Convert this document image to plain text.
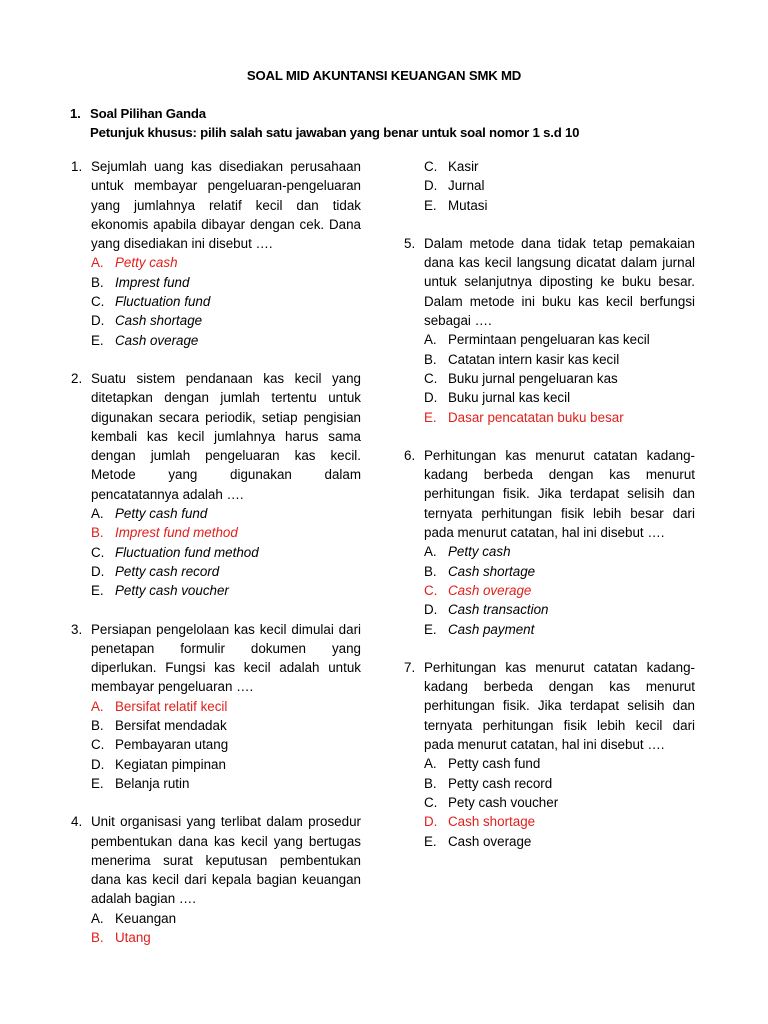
SOAL MID AKUNTANSI KEUANGAN SMK MD
1. Soal Pilihan Ganda
Petunjuk khusus: pilih salah satu jawaban yang benar untuk soal nomor 1 s.d 10
1. Sejumlah uang kas disediakan perusahaan untuk membayar pengeluaran-pengeluaran yang jumlahnya relatif kecil dan tidak ekonomis apabila dibayar dengan cek. Dana yang disediakan ini disebut ….
A. Petty cash
B. Imprest fund
C. Fluctuation fund
D. Cash shortage
E. Cash overage
2. Suatu sistem pendanaan kas kecil yang ditetapkan dengan jumlah tertentu untuk digunakan secara periodik, setiap pengisian kembali kas kecil jumlahnya harus sama dengan jumlah pengeluaran kas kecil. Metode yang digunakan dalam pencatatannya adalah ….
A. Petty cash fund
B. Imprest fund method
C. Fluctuation fund method
D. Petty cash record
E. Petty cash voucher
3. Persiapan pengelolaan kas kecil dimulai dari penetapan formulir dokumen yang diperlukan. Fungsi kas kecil adalah untuk membayar pengeluaran ….
A. Bersifat relatif kecil
B. Bersifat mendadak
C. Pembayaran utang
D. Kegiatan pimpinan
E. Belanja rutin
4. Unit organisasi yang terlibat dalam prosedur pembentukan dana kas kecil yang bertugas menerima surat keputusan pembentukan dana kas kecil dari kepala bagian keuangan adalah bagian ….
A. Keuangan
B. Utang
C. Kasir
D. Jurnal
E. Mutasi
5. Dalam metode dana tidak tetap pemakaian dana kas kecil langsung dicatat dalam jurnal untuk selanjutnya diposting ke buku besar. Dalam metode ini buku kas kecil berfungsi sebagai ….
A. Permintaan pengeluaran kas kecil
B. Catatan intern kasir kas kecil
C. Buku jurnal pengeluaran kas
D. Buku jurnal kas kecil
E. Dasar pencatatan buku besar
6. Perhitungan kas menurut catatan kadang-kadang berbeda dengan kas menurut perhitungan fisik. Jika terdapat selisih dan ternyata perhitungan fisik lebih besar dari pada menurut catatan, hal ini disebut ….
A. Petty cash
B. Cash shortage
C. Cash overage
D. Cash transaction
E. Cash payment
7. Perhitungan kas menurut catatan kadang-kadang berbeda dengan kas menurut perhitungan fisik. Jika terdapat selisih dan ternyata perhitungan fisik lebih kecil dari pada menurut catatan, hal ini disebut ….
A. Petty cash fund
B. Petty cash record
C. Pety cash voucher
D. Cash shortage
E. Cash overage
